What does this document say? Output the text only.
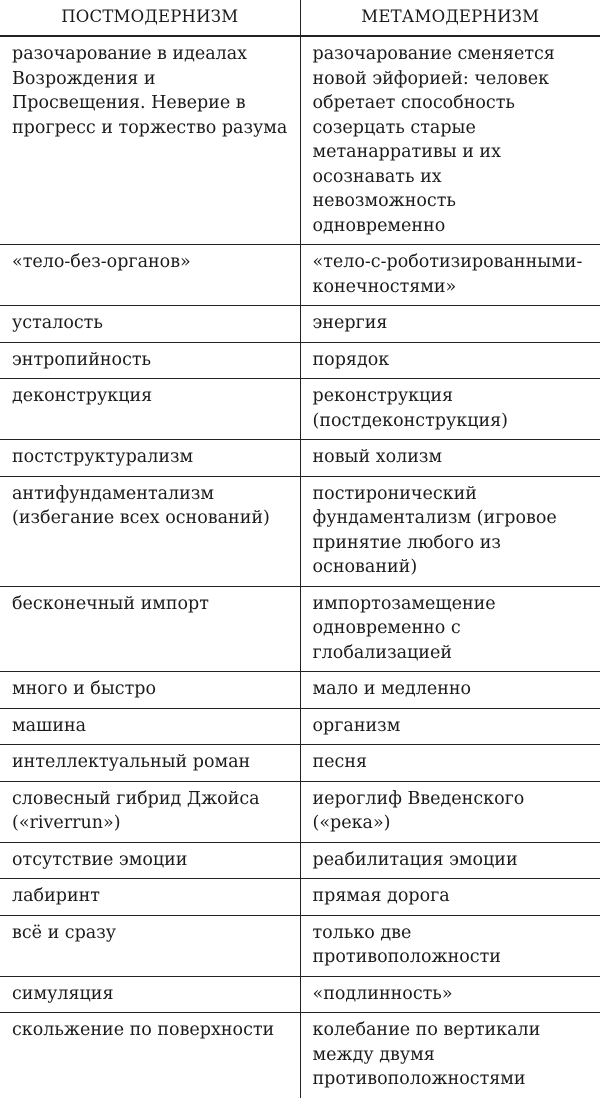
ПОСТМОДЕРНИЗМ	МЕТАМОДЕРНИЗМ
разочарование в идеалах Возрождения и Просвещения. Неверие в прогресс и торжество разума	разочарование сменяется новой эйфорией: человек обретает способность созерцать старые метанарративы и их осознавать их невозможность одновременно
«тело-без-органов»	«тело-с-роботизированными-конечностями»
усталость	энергия
энтропийность	порядок
деконструкция	реконструкция (постдеконструкция)
постструктурализм	новый холизм
антифундаментализм (избегание всех оснований)	постиронический фундаментализм (игровое принятие любого из оснований)
бесконечный импорт	импортозамещение одновременно с глобализацией
много и быстро	мало и медленно
машина	организм
интеллектуальный роман	песня
словесный гибрид Джойса («riverrun»)	иероглиф Введенского («река»)
отсутствие эмоции	реабилитация эмоции
лабиринт	прямая дорога
всё и сразу	только две противоположности
симуляция	«подлинность»
скольжение по поверхности	колебание по вертикали между двумя противоположностями
